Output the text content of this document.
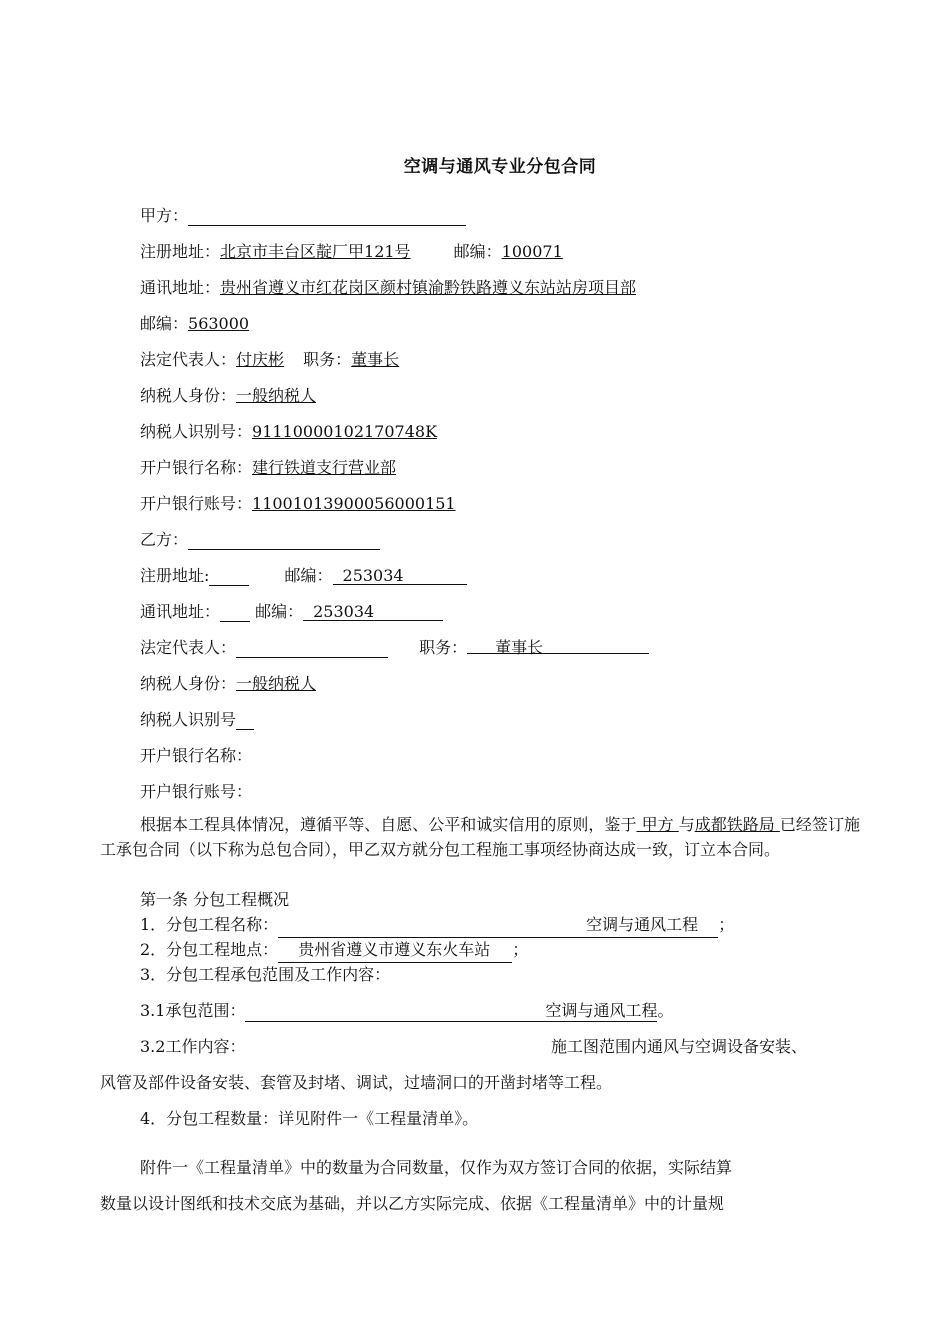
空调与通风专业分包合同
甲方：
注册地址：北京市丰台区靛厂甲121号	邮编：100071
通讯地址：贵州省遵义市红花岗区颜村镇渝黔铁路遵义东站站房项目部
邮编：563000
法定代表人：付庆彬 职务：董事长
纳税人身份：一般纳税人
纳税人识别号：91110000102170748K
开户银行名称：建行铁道支行营业部
开户银行账号：11001013900056000151
乙方：
注册地址:	邮编： 253034
通讯地址： 邮编： 253034
法定代表人：	职务： 董事长
纳税人身份：一般纳税人
纳税人识别号
开户银行名称：
开户银行账号：
根据本工程具体情况，遵循平等、自愿、公平和诚实信用的原则，鉴于 甲方 与成都铁路局 已经签订施工承包合同（以下称为总包合同），甲乙双方就分包工程施工事项经协商达成一致，订立本合同。
第一条 分包工程概况
1．分包工程名称：	空调与通风工程 ；
2．分包工程地点： 贵州省遵义市遵义东火车站 ；
3．分包工程承包范围及工作内容：
3.1承包范围：	空调与通风工程。
3.2工作内容：	施工图范围内通风与空调设备安装、
风管及部件设备安装、套管及封堵、调试，过墙洞口的开凿封堵等工程。
4．分包工程数量：详见附件一《工程量清单》。
附件一《工程量清单》中的数量为合同数量，仅作为双方签订合同的依据，实际结算
数量以设计图纸和技术交底为基础，并以乙方实际完成、依据《工程量清单》中的计量规
